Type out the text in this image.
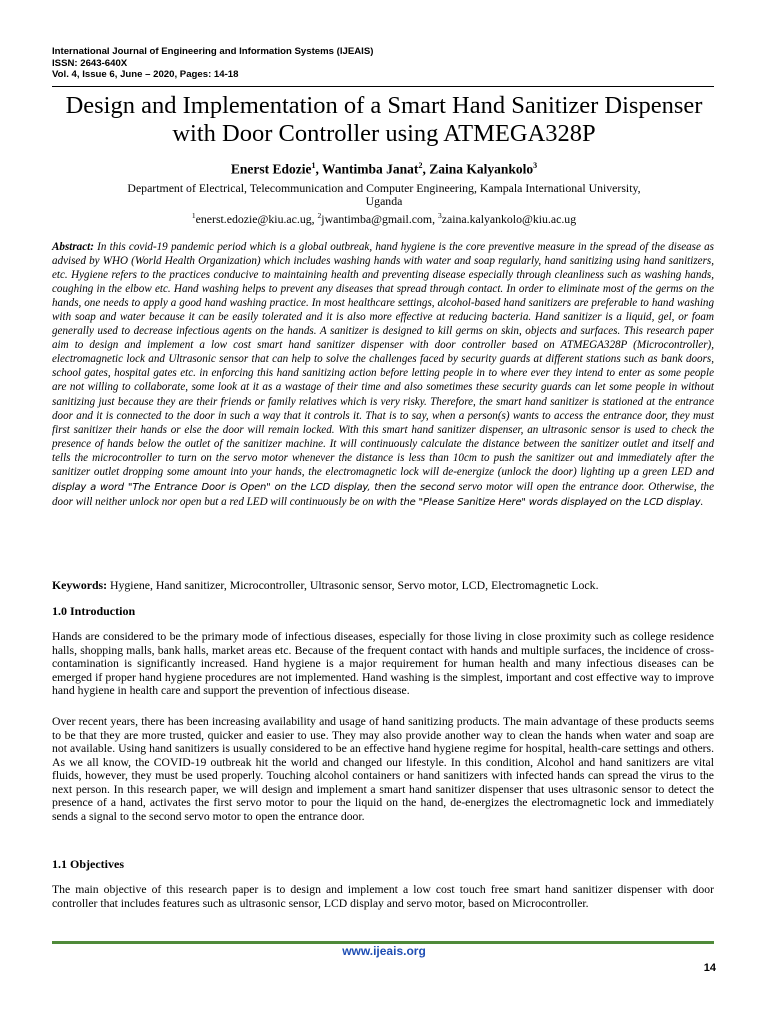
International Journal of Engineering and Information Systems (IJEAIS)
ISSN: 2643-640X
Vol. 4, Issue 6, June – 2020, Pages: 14-18
Design and Implementation of a Smart Hand Sanitizer Dispenser
with Door Controller using ATMEGA328P
Enerst Edozie$^1$, Wantimba Janat$^2$, Zaina Kalyankolo$^3$
Department of Electrical, Telecommunication and Computer Engineering, Kampala International University,
Uganda
$^1$enerst.edozie@kiu.ac.ug, $^2$jwantimba@gmail.com, $^3$zaina.kalyankolo@kiu.ac.ug
Abstract: In this covid-19 pandemic period which is a global outbreak, hand hygiene is the core preventive measure in the spread of the disease as advised by WHO (World Health Organization) which includes washing hands with water and soap regularly, hand sanitizing using hand sanitizers, etc. Hygiene refers to the practices conducive to maintaining health and preventing disease especially through cleanliness such as washing hands, coughing in the elbow etc. Hand washing helps to prevent any diseases that spread through contact. In order to eliminate most of the germs on the hands, one needs to apply a good hand washing practice. In most healthcare settings, alcohol-based hand sanitizers are preferable to hand washing with soap and water because it can be easily tolerated and it is also more effective at reducing bacteria. Hand sanitizer is a liquid, gel, or foam generally used to decrease infectious agents on the hands. A sanitizer is designed to kill germs on skin, objects and surfaces. This research paper aim to design and implement a low cost smart hand sanitizer dispenser with door controller based on ATMEGA328P (Microcontroller), electromagnetic lock and Ultrasonic sensor that can help to solve the challenges faced by security guards at different stations such as bank doors, school gates, hospital gates etc. in enforcing this hand sanitizing action before letting people in to where ever they intend to enter as some people are not willing to collaborate, some look at it as a wastage of their time and also sometimes these security guards can let some people in without sanitizing just because they are their friends or family relatives which is very risky. Therefore, the smart hand sanitizer is stationed at the entrance door and it is connected to the door in such a way that it controls it. That is to say, when a person(s) wants to access the entrance door, they must first sanitizer their hands or else the door will remain locked. With this smart hand sanitizer dispenser, an ultrasonic sensor is used to check the presence of hands below the outlet of the sanitizer machine. It will continuously calculate the distance between the sanitizer outlet and itself and tells the microcontroller to turn on the servo motor whenever the distance is less than 10cm to push the sanitizer out and immediately after the sanitizer outlet dropping some amount into your hands, the electromagnetic lock will de-energize (unlock the door) lighting up a green LED and display a word "The Entrance Door is Open" on the LCD display, then the second servo motor will open the entrance door. Otherwise, the door will neither unlock nor open but a red LED will continuously be on with the "Please Sanitize Here" words displayed on the LCD display.
Keywords: Hygiene, Hand sanitizer, Microcontroller, Ultrasonic sensor, Servo motor, LCD, Electromagnetic Lock.
1.0 Introduction
Hands are considered to be the primary mode of infectious diseases, especially for those living in close proximity such as college residence halls, shopping malls, bank halls, market areas etc. Because of the frequent contact with hands and multiple surfaces, the incidence of cross-contamination is significantly increased. Hand hygiene is a major requirement for human health and many infectious diseases can be emerged if proper hand hygiene procedures are not implemented. Hand washing is the simplest, important and cost effective way to improve hand hygiene in health care and support the prevention of infectious disease.
Over recent years, there has been increasing availability and usage of hand sanitizing products. The main advantage of these products seems to be that they are more trusted, quicker and easier to use. They may also provide another way to clean the hands when water and soap are not available. Using hand sanitizers is usually considered to be an effective hand hygiene regime for hospital, health-care settings and others. As we all know, the COVID-19 outbreak hit the world and changed our lifestyle. In this condition, Alcohol and hand sanitizers are vital fluids, however, they must be used properly. Touching alcohol containers or hand sanitizers with infected hands can spread the virus to the next person. In this research paper, we will design and implement a smart hand sanitizer dispenser that uses ultrasonic sensor to detect the presence of a hand, activates the first servo motor to pour the liquid on the hand, de-energizes the electromagnetic lock and immediately sends a signal to the second servo motor to open the entrance door.
1.1 Objectives
The main objective of this research paper is to design and implement a low cost touch free smart hand sanitizer dispenser with door controller that includes features such as ultrasonic sensor, LCD display and servo motor, based on Microcontroller.
www.ijeais.org
14
